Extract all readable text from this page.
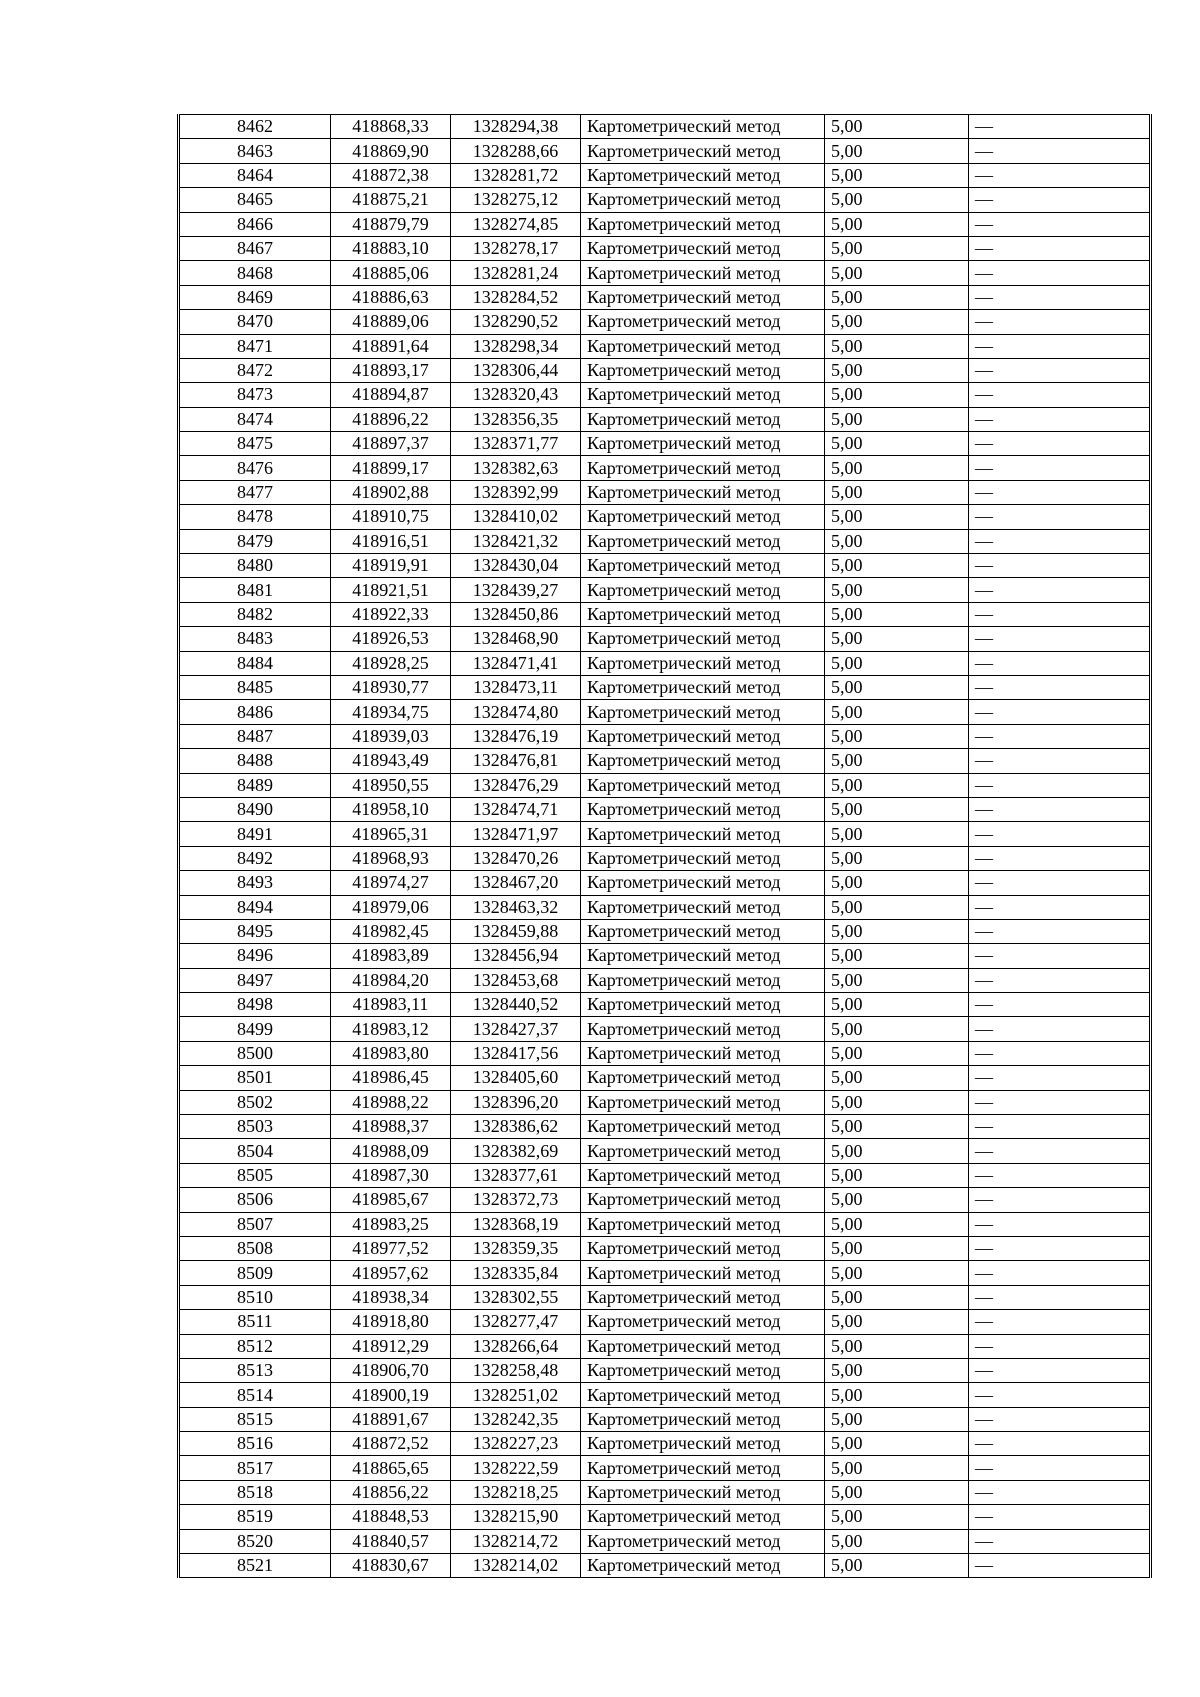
8462	418868,33	1328294,38	Картометрический метод	5,00	—
8463	418869,90	1328288,66	Картометрический метод	5,00	—
8464	418872,38	1328281,72	Картометрический метод	5,00	—
8465	418875,21	1328275,12	Картометрический метод	5,00	—
8466	418879,79	1328274,85	Картометрический метод	5,00	—
8467	418883,10	1328278,17	Картометрический метод	5,00	—
8468	418885,06	1328281,24	Картометрический метод	5,00	—
8469	418886,63	1328284,52	Картометрический метод	5,00	—
8470	418889,06	1328290,52	Картометрический метод	5,00	—
8471	418891,64	1328298,34	Картометрический метод	5,00	—
8472	418893,17	1328306,44	Картометрический метод	5,00	—
8473	418894,87	1328320,43	Картометрический метод	5,00	—
8474	418896,22	1328356,35	Картометрический метод	5,00	—
8475	418897,37	1328371,77	Картометрический метод	5,00	—
8476	418899,17	1328382,63	Картометрический метод	5,00	—
8477	418902,88	1328392,99	Картометрический метод	5,00	—
8478	418910,75	1328410,02	Картометрический метод	5,00	—
8479	418916,51	1328421,32	Картометрический метод	5,00	—
8480	418919,91	1328430,04	Картометрический метод	5,00	—
8481	418921,51	1328439,27	Картометрический метод	5,00	—
8482	418922,33	1328450,86	Картометрический метод	5,00	—
8483	418926,53	1328468,90	Картометрический метод	5,00	—
8484	418928,25	1328471,41	Картометрический метод	5,00	—
8485	418930,77	1328473,11	Картометрический метод	5,00	—
8486	418934,75	1328474,80	Картометрический метод	5,00	—
8487	418939,03	1328476,19	Картометрический метод	5,00	—
8488	418943,49	1328476,81	Картометрический метод	5,00	—
8489	418950,55	1328476,29	Картометрический метод	5,00	—
8490	418958,10	1328474,71	Картометрический метод	5,00	—
8491	418965,31	1328471,97	Картометрический метод	5,00	—
8492	418968,93	1328470,26	Картометрический метод	5,00	—
8493	418974,27	1328467,20	Картометрический метод	5,00	—
8494	418979,06	1328463,32	Картометрический метод	5,00	—
8495	418982,45	1328459,88	Картометрический метод	5,00	—
8496	418983,89	1328456,94	Картометрический метод	5,00	—
8497	418984,20	1328453,68	Картометрический метод	5,00	—
8498	418983,11	1328440,52	Картометрический метод	5,00	—
8499	418983,12	1328427,37	Картометрический метод	5,00	—
8500	418983,80	1328417,56	Картометрический метод	5,00	—
8501	418986,45	1328405,60	Картометрический метод	5,00	—
8502	418988,22	1328396,20	Картометрический метод	5,00	—
8503	418988,37	1328386,62	Картометрический метод	5,00	—
8504	418988,09	1328382,69	Картометрический метод	5,00	—
8505	418987,30	1328377,61	Картометрический метод	5,00	—
8506	418985,67	1328372,73	Картометрический метод	5,00	—
8507	418983,25	1328368,19	Картометрический метод	5,00	—
8508	418977,52	1328359,35	Картометрический метод	5,00	—
8509	418957,62	1328335,84	Картометрический метод	5,00	—
8510	418938,34	1328302,55	Картометрический метод	5,00	—
8511	418918,80	1328277,47	Картометрический метод	5,00	—
8512	418912,29	1328266,64	Картометрический метод	5,00	—
8513	418906,70	1328258,48	Картометрический метод	5,00	—
8514	418900,19	1328251,02	Картометрический метод	5,00	—
8515	418891,67	1328242,35	Картометрический метод	5,00	—
8516	418872,52	1328227,23	Картометрический метод	5,00	—
8517	418865,65	1328222,59	Картометрический метод	5,00	—
8518	418856,22	1328218,25	Картометрический метод	5,00	—
8519	418848,53	1328215,90	Картометрический метод	5,00	—
8520	418840,57	1328214,72	Картометрический метод	5,00	—
8521	418830,67	1328214,02	Картометрический метод	5,00	—
